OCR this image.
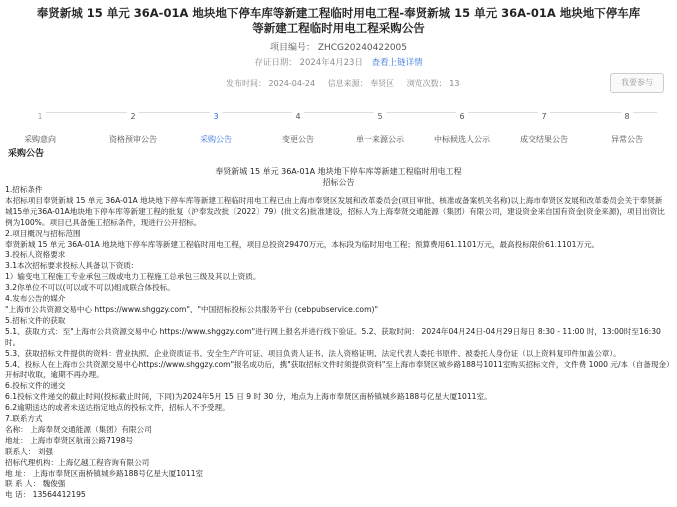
奉贤新城 15 单元 36A-01A 地块地下停车库等新建工程临时用电工程-奉贤新城 15 单元 36A-01A 地块地下停车库
等新建工程临时用电工程采购公告
项目编号： ZHCG20240422005
存证日期： 2024年4月23日 查看上链详情
发布时间： 2024-04-24 信息来源： 奉贤区 浏览次数： 13	我要参与
1
采购意向
2
资格预审公告
3
采购公告
4
变更公告
5
单一来源公示
6
中标候选人公示
7
成交结果公告
8
异常公告
采购公告
奉贤新城 15 单元 36A-01A 地块地下停车库等新建工程临时用电工程
招标公告

1.招标条件

本招标项目奉贤新城 15 单元 36A-01A 地块地下停车库等新建工程临时用电工程已由上海市奉贤区发展和改革委员会(项目审批、核准或备案机关名称)以上海市奉贤区发展和改革委员会关于奉贤新城15单元36A-01A地块地下停车库等新建工程的批复（沪奉发改批〔2022〕79）(批文名)批准建设，招标人为上海奉贤交通能源（集团）有限公司，建设资金来自国有资金(资金来源)，项目出资比例为100%。项目已具备施工招标条件，现进行公开招标。

2.项目概况与招标范围

奉贤新城 15 单元 36A-01A 地块地下停车库等新建工程临时用电工程，项目总投资29470万元，本标段为临时用电工程；预算费用61.1101万元，最高投标限价61.1101万元。

3.投标人资格要求

3.1本次招标要求投标人具备以下资质:

1）输变电工程施工专业承包三级或电力工程施工总承包三级及其以上资质。

3.2你单位不可以(可以或不可以)组成联合体投标。

4.发布公告的媒介

"上海市公共资源交易中心 https://www.shggzy.com"、"中国招标投标公共服务平台 (cebpubservice.com)"

5.招标文件的获取

5.1、获取方式：至"上海市公共资源交易中心 https://www.shggzy.com"进行网上报名并进行线下验证。5.2、获取时间： 2024年04月24日-04月29日每日 8:30 - 11:00 时，13:00时至16:30 时。

5.3、获取招标文件提供的资料：营业执照、企业资质证书、安全生产许可证、项目负责人证书、法人资格证明、法定代表人委托书原件、被委托人身份证（以上资料复印件加盖公章）。

5.4、投标人在上海市公共资源交易中心https://www.shggzy.com"报名成功后，携"获取招标文件时须提供资料"至上海市奉贤区城乡路188号1011室购买招标文件，文件费 1000 元/本（自备现金）开标时收取，逾期不再办理。

6.投标文件的递交

6.1投标文件递交的截止时间(投标截止时间，下同)为2024年5月 15 日 9 时 30 分，地点为上海市奉贤区南桥镇城乡路188号亿星大厦1011室。

6.2逾期送达的或者未送达指定地点的投标文件，招标人不予受理。

7.联系方式

名称： 上海奉贤交通能源（集团）有限公司

地址： 上海市奉贤区航南公路7198号

联系人： 刘强

招标代理机构：上海亿越工程咨询有限公司

地 址： 上海市奉贤区南桥镇城乡路188号亿星大厦1011室

联 系 人： 魏俊强

电 话： 13564412195
